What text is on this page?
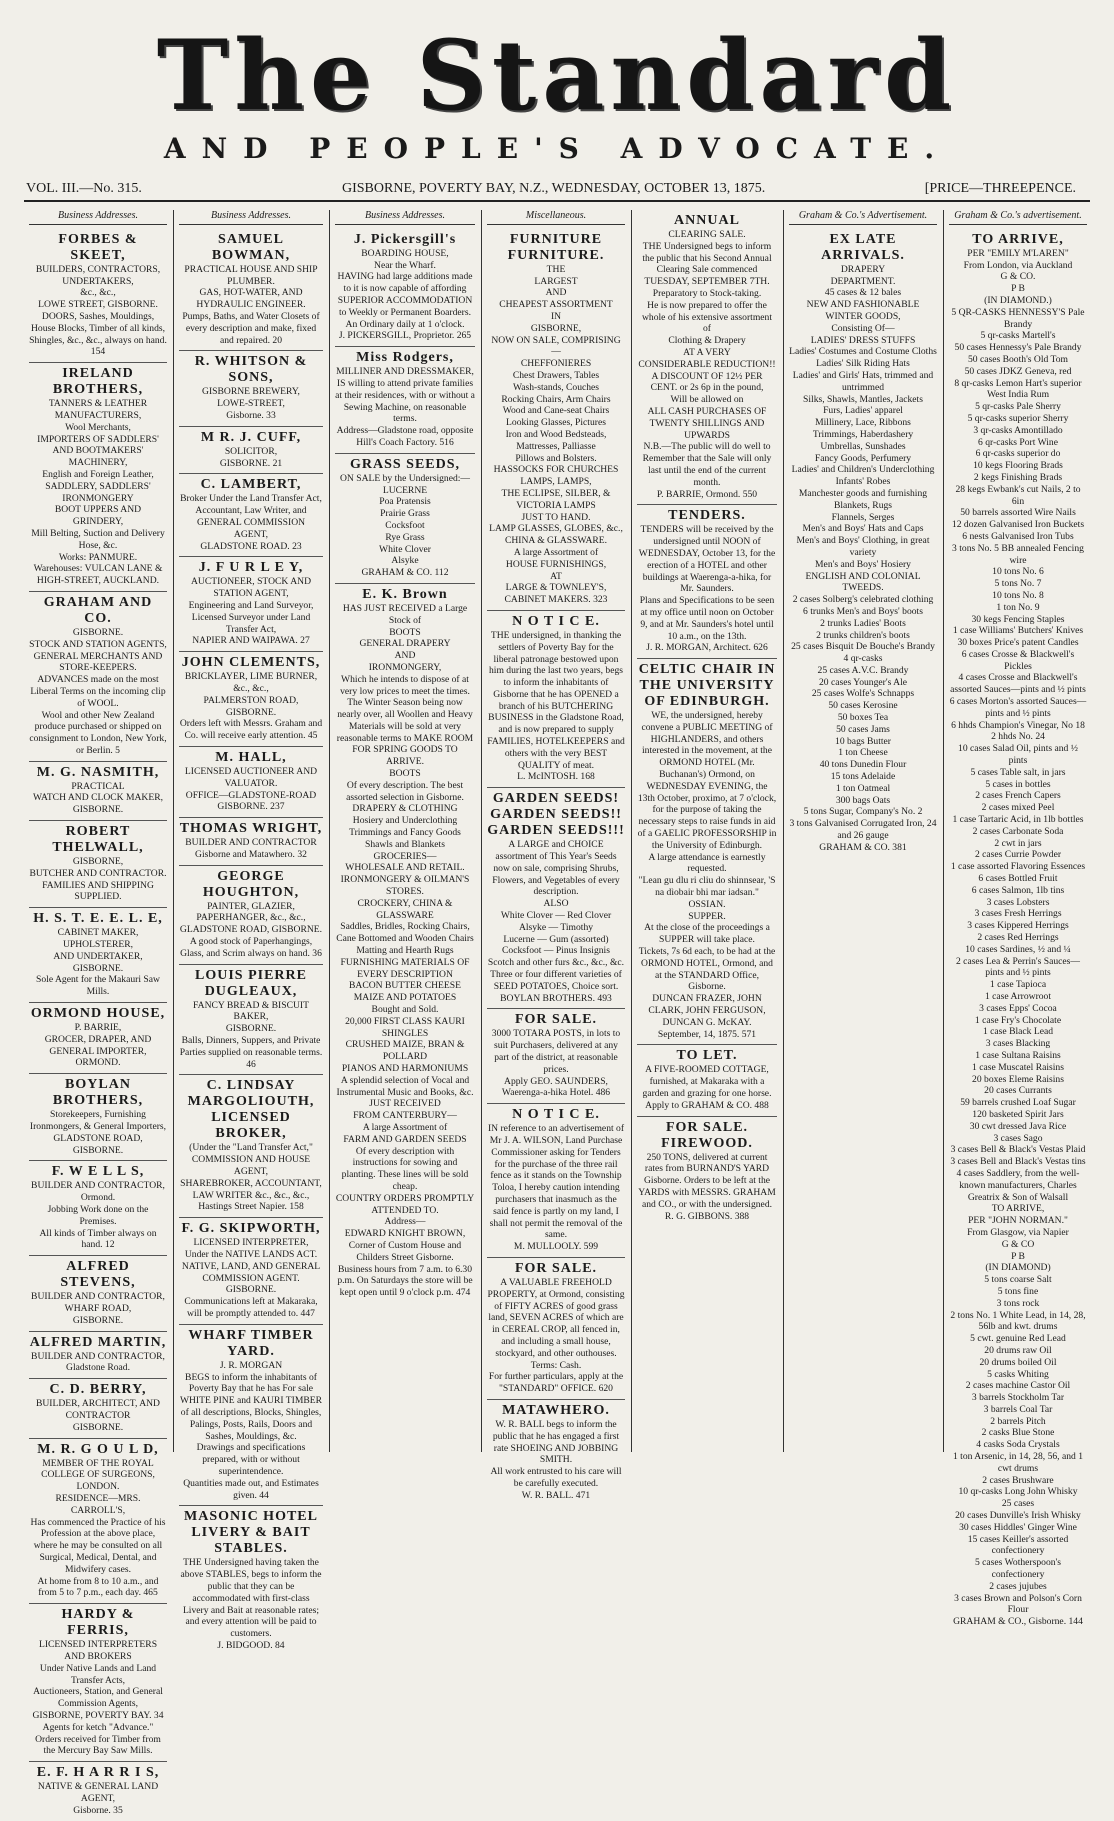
The Standard
AND PEOPLE'S ADVOCATE.
VOL. III.—No. 315.	GISBORNE, POVERTY BAY, N.Z., WEDNESDAY, OCTOBER 13, 1875.	[PRICE—THREEPENCE.
Business Addresses.
FORBES & SKEET,
BUILDERS, CONTRACTORS, UNDERTAKERS,
&c., &c.,
LOWE STREET, GISBORNE.
DOORS, Sashes, Mouldings, House Blocks, Timber of all kinds, Shingles, &c., &c., always on hand. 154
IRELAND BROTHERS,
TANNERS & LEATHER MANUFACTURERS,
Wool Merchants,
IMPORTERS OF SADDLERS' AND BOOTMAKERS' MACHINERY,
English and Foreign Leather,
SADDLERY, SADDLERS' IRONMONGERY
BOOT UPPERS AND GRINDERY,
Mill Belting, Suction and Delivery Hose, &c.
Works: PANMURE.
Warehouses: VULCAN LANE & HIGH-STREET, AUCKLAND.
GRAHAM AND CO.
GISBORNE.
STOCK AND STATION AGENTS,
GENERAL MERCHANTS AND STORE-KEEPERS.
ADVANCES made on the most Liberal Terms on the incoming clip of WOOL.
Wool and other New Zealand produce purchased or shipped on consignment to London, New York, or Berlin. 5
M. G. NASMITH,
PRACTICAL
WATCH AND CLOCK MAKER,
GISBORNE.
ROBERT THELWALL,
GISBORNE,
BUTCHER AND CONTRACTOR.
FAMILIES AND SHIPPING SUPPLIED.
H. S. T. E. E. L. E,
CABINET MAKER, UPHOLSTERER,
AND UNDERTAKER, GISBORNE.
Sole Agent for the Makauri Saw Mills.
ORMOND HOUSE,
P. BARRIE,
GROCER, DRAPER, AND GENERAL IMPORTER,
ORMOND.
BOYLAN BROTHERS,
Storekeepers, Furnishing Ironmongers, & General Importers,
GLADSTONE ROAD, GISBORNE.
F. W E L L S,
BUILDER AND CONTRACTOR,
Ormond.
Jobbing Work done on the Premises.
All kinds of Timber always on hand. 12
ALFRED STEVENS,
BUILDER AND CONTRACTOR,
WHARF ROAD,
GISBORNE.
ALFRED MARTIN,
BUILDER AND CONTRACTOR,
Gladstone Road.
C. D. BERRY,
BUILDER, ARCHITECT, AND CONTRACTOR
GISBORNE.
M. R. G O U L D,
MEMBER OF THE ROYAL COLLEGE OF SURGEONS, LONDON.
RESIDENCE—MRS. CARROLL'S,
Has commenced the Practice of his Profession at the above place, where he may be consulted on all Surgical, Medical, Dental, and Midwifery cases.
At home from 8 to 10 a.m., and from 5 to 7 p.m., each day. 465
HARDY & FERRIS,
LICENSED INTERPRETERS AND BROKERS
Under Native Lands and Land Transfer Acts,
Auctioneers, Station, and General Commission Agents,
GISBORNE, POVERTY BAY. 34
Agents for ketch "Advance." Orders received for Timber from the Mercury Bay Saw Mills.
E. F. H A R R I S,
NATIVE & GENERAL LAND AGENT,
Gisborne. 35
Business Addresses.
SAMUEL BOWMAN,
PRACTICAL HOUSE AND SHIP PLUMBER.
GAS, HOT-WATER, AND HYDRAULIC ENGINEER.
Pumps, Baths, and Water Closets of every description and make, fixed and repaired. 20
R. WHITSON & SONS,
GISBORNE BREWERY,
LOWE-STREET,
Gisborne. 33
M R. J. CUFF,
SOLICITOR,
GISBORNE. 21
C. LAMBERT,
Broker Under the Land Transfer Act,
Accountant, Law Writer, and
GENERAL COMMISSION AGENT,
GLADSTONE ROAD. 23
J. F U R L E Y,
AUCTIONEER, STOCK AND STATION AGENT,
Engineering and Land Surveyor,
Licensed Surveyor under Land Transfer Act,
NAPIER AND WAIPAWA. 27
JOHN CLEMENTS,
BRICKLAYER, LIME BURNER, &c., &c.,
PALMERSTON ROAD,
GISBORNE.
Orders left with Messrs. Graham and Co. will receive early attention. 45
M. HALL,
LICENSED AUCTIONEER AND VALUATOR.
OFFICE—GLADSTONE-ROAD GISBORNE. 237
THOMAS WRIGHT,
BUILDER AND CONTRACTOR
Gisborne and Matawhero. 32
GEORGE HOUGHTON,
PAINTER, GLAZIER, PAPERHANGER, &c., &c.,
GLADSTONE ROAD, GISBORNE.
A good stock of Paperhangings, Glass, and Scrim always on hand. 36
LOUIS PIERRE DUGLEAUX,
FANCY BREAD & BISCUIT BAKER,
GISBORNE.
Balls, Dinners, Suppers, and Private Parties supplied on reasonable terms. 46
C. LINDSAY MARGOLIOUTH, LICENSED BROKER,
(Under the "Land Transfer Act," COMMISSION AND HOUSE AGENT,
SHAREBROKER, ACCOUNTANT, LAW WRITER &c., &c., &c.,
Hastings Street Napier. 158
F. G. SKIPWORTH,
LICENSED INTERPRETER,
Under the NATIVE LANDS ACT.
NATIVE, LAND, AND GENERAL COMMISSION AGENT.
GISBORNE.
Communications left at Makaraka, will be promptly attended to. 447
WHARF TIMBER YARD.
J. R. MORGAN
BEGS to inform the inhabitants of Poverty Bay that he has For sale WHITE PINE and KAURI TIMBER of all descriptions, Blocks, Shingles, Palings, Posts, Rails, Doors and Sashes, Mouldings, &c.
Drawings and specifications prepared, with or without superintendence.
Quantities made out, and Estimates given. 44
MASONIC HOTEL LIVERY & BAIT STABLES.
THE Undersigned having taken the above STABLES, begs to inform the public that they can be accommodated with first-class Livery and Bait at reasonable rates; and every attention will be paid to customers.
J. BIDGOOD. 84
Business Addresses.
J. Pickersgill's
BOARDING HOUSE,
Near the Wharf.
HAVING had large additions made to it is now capable of affording SUPERIOR ACCOMMODATION to Weekly or Permanent Boarders.
An Ordinary daily at 1 o'clock.
J. PICKERSGILL, Proprietor. 265
Miss Rodgers,
MILLINER AND DRESSMAKER,
IS willing to attend private families at their residences, with or without a Sewing Machine, on reasonable terms.
Address—Gladstone road, opposite Hill's Coach Factory. 516
GRASS SEEDS,
ON SALE by the Undersigned:—
LUCERNE
Poa Pratensis
Prairie Grass
Cocksfoot
Rye Grass
White Clover
Alsyke
GRAHAM & CO. 112
E. K. Brown
HAS JUST RECEIVED a Large Stock of
BOOTS
GENERAL DRAPERY
AND
IRONMONGERY,
Which he intends to dispose of at very low prices to meet the times.
The Winter Season being now nearly over, all Woollen and Heavy Materials will be sold at very reasonable terms to MAKE ROOM FOR SPRING GOODS TO ARRIVE.
BOOTS
Of every description. The best assorted selection in Gisborne.
DRAPERY & CLOTHING
Hosiery and Underclothing
Trimmings and Fancy Goods
Shawls and Blankets
GROCERIES—
WHOLESALE AND RETAIL.
IRONMONGERY & OILMAN'S STORES.
CROCKERY, CHINA & GLASSWARE
Saddles, Bridles, Rocking Chairs, Cane Bottomed and Wooden Chairs
Matting and Hearth Rugs
FURNISHING MATERIALS OF EVERY DESCRIPTION
BACON BUTTER CHEESE MAIZE AND POTATOES
Bought and Sold.
20,000 FIRST CLASS KAURI SHINGLES
CRUSHED MAIZE, BRAN & POLLARD
PIANOS AND HARMONIUMS
A splendid selection of Vocal and Instrumental Music and Books, &c.
JUST RECEIVED
FROM CANTERBURY—
A large Assortment of
FARM AND GARDEN SEEDS
Of every description with instructions for sowing and planting. These lines will be sold cheap.
COUNTRY ORDERS PROMPTLY ATTENDED TO.
Address—
EDWARD KNIGHT BROWN,
Corner of Custom House and Childers Street Gisborne.
Business hours from 7 a.m. to 6.30 p.m. On Saturdays the store will be kept open until 9 o'clock p.m. 474
Miscellaneous.
FURNITURE FURNITURE.
THE
LARGEST
AND
CHEAPEST ASSORTMENT
IN
GISBORNE,
NOW ON SALE, COMPRISING—
CHEFFONIERES
Chest Drawers, Tables
Wash-stands, Couches
Rocking Chairs, Arm Chairs
Wood and Cane-seat Chairs
Looking Glasses, Pictures
Iron and Wood Bedsteads,
Mattresses, Palliasse
Pillows and Bolsters.
HASSOCKS FOR CHURCHES
LAMPS, LAMPS,
THE ECLIPSE, SILBER, & VICTORIA LAMPS
JUST TO HAND.
LAMP GLASSES, GLOBES, &c.,
CHINA & GLASSWARE.
A large Assortment of
HOUSE FURNISHINGS,
AT
LARGE & TOWNLEY'S,
CABINET MAKERS. 323
N O T I C E.
THE undersigned, in thanking the settlers of Poverty Bay for the liberal patronage bestowed upon him during the last two years, begs to inform the inhabitants of Gisborne that he has OPENED a branch of his BUTCHERING BUSINESS in the Gladstone Road, and is now prepared to supply FAMILIES, HOTELKEEPERS and others with the very BEST QUALITY of meat.
L. McINTOSH. 168
GARDEN SEEDS! GARDEN SEEDS!! GARDEN SEEDS!!!
A LARGE and CHOICE assortment of This Year's Seeds now on sale, comprising Shrubs, Flowers, and Vegetables of every description.
ALSO
White Clover — Red Clover
Alsyke — Timothy
Lucerne — Gum (assorted)
Cocksfoot — Pinus Insignis
Scotch and other furs &c., &c., &c.
Three or four different varieties of SEED POTATOES, Choice sort.
BOYLAN BROTHERS. 493
FOR SALE.
3000 TOTARA POSTS, in lots to suit Purchasers, delivered at any part of the district, at reasonable prices.
Apply GEO. SAUNDERS, Waerenga-a-hika Hotel. 486
N O T I C E.
IN reference to an advertisement of Mr J. A. WILSON, Land Purchase Commissioner asking for Tenders for the purchase of the three rail fence as it stands on the Township Toloa, I hereby caution intending purchasers that inasmuch as the said fence is partly on my land, I shall not permit the removal of the same.
M. MULLOOLY. 599
FOR SALE.
A VALUABLE FREEHOLD PROPERTY, at Ormond, consisting of FIFTY ACRES of good grass land, SEVEN ACRES of which are in CEREAL CROP, all fenced in, and including a small house, stockyard, and other outhouses.
Terms: Cash.
For further particulars, apply at the "STANDARD" OFFICE. 620
MATAWHERO.
W. R. BALL begs to inform the public that he has engaged a first rate SHOEING AND JOBBING SMITH.
All work entrusted to his care will be carefully executed.
W. R. BALL. 471
ANNUAL
CLEARING SALE.
THE Undersigned begs to inform the public that his Second Annual Clearing Sale commenced
TUESDAY, SEPTEMBER 7TH.
Preparatory to Stock-taking.
He is now prepared to offer the whole of his extensive assortment of
Clothing & Drapery
AT A VERY
CONSIDERABLE REDUCTION!!
A DISCOUNT OF 12½ PER CENT. or 2s 6p in the pound,
Will be allowed on
ALL CASH PURCHASES OF
TWENTY SHILLINGS AND UPWARDS
N.B.—The public will do well to Remember that the Sale will only last until the end of the current month.
P. BARRIE, Ormond. 550
TENDERS.
TENDERS will be received by the undersigned until NOON of WEDNESDAY, October 13, for the erection of a HOTEL and other buildings at Waerenga-a-hika, for Mr. Saunders.
Plans and Specifications to be seen at my office until noon on October 9, and at Mr. Saunders's hotel until 10 a.m., on the 13th.
J. R. MORGAN, Architect. 626
CELTIC CHAIR IN THE UNIVERSITY OF EDINBURGH.
WE, the undersigned, hereby convene a PUBLIC MEETING of HIGHLANDERS, and others interested in the movement, at the ORMOND HOTEL (Mr. Buchanan's) Ormond, on WEDNESDAY EVENING, the 13th October, proximo, at 7 o'clock, for the purpose of taking the necessary steps to raise funds in aid of a GAELIC PROFESSORSHIP in the University of Edinburgh.
A large attendance is earnestly requested.
"Lean gu dlu ri cliu do shinnsear, 'S na dìobair bhi mar iadsan." OSSIAN.
SUPPER.
At the close of the proceedings a SUPPER will take place.
Tickets, 7s 6d each, to be had at the ORMOND HOTEL, Ormond, and at the STANDARD Office, Gisborne.
DUNCAN FRAZER, JOHN CLARK, JOHN FERGUSON, DUNCAN G. McKAY.
September, 14, 1875. 571
TO LET.
A FIVE-ROOMED COTTAGE, furnished, at Makaraka with a garden and grazing for one horse.
Apply to GRAHAM & CO. 488
FOR SALE. FIREWOOD.
250 TONS, delivered at current rates from BURNAND'S YARD Gisborne. Orders to be left at the YARDS with MESSRS. GRAHAM and CO., or with the undersigned.
R. G. GIBBONS. 388
Graham & Co.'s Advertisement.
EX LATE ARRIVALS.
DRAPERY
DEPARTMENT.
45 cases & 12 bales
NEW AND FASHIONABLE
WINTER GOODS,
Consisting Of—
LADIES' DRESS STUFFS
Ladies' Costumes and Costume Cloths
Ladies' Silk Riding Hats
Ladies' and Girls' Hats, trimmed and untrimmed
Silks, Shawls, Mantles, Jackets
Furs, Ladies' apparel
Millinery, Lace, Ribbons
Trimmings, Haberdashery
Umbrellas, Sunshades
Fancy Goods, Perfumery
Ladies' and Children's Underclothing
Infants' Robes
Manchester goods and furnishing
Blankets, Rugs
Flannels, Serges
Men's and Boys' Hats and Caps
Men's and Boys' Clothing, in great variety
Men's and Boys' Hosiery
ENGLISH AND COLONIAL
TWEEDS.
2 cases Solberg's celebrated clothing
6 trunks Men's and Boys' boots
2 trunks Ladies' Boots
2 trunks children's boots
25 cases Bisquit De Bouche's Brandy
4 qr-casks
25 cases A.V.C. Brandy
20 cases Younger's Ale
25 cases Wolfe's Schnapps
50 cases Kerosine
50 boxes Tea
50 cases Jams
10 bags Butter
1 ton Cheese
40 tons Dunedin Flour
15 tons Adelaide
1 ton Oatmeal
300 bags Oats
5 tons Sugar, Company's No. 2
3 tons Galvanised Corrugated Iron, 24 and 26 gauge
GRAHAM & CO. 381
Graham & Co.'s advertisement.
TO ARRIVE,
PER "EMILY M'LAREN"
From London, via Auckland
G & CO.
P B
(IN DIAMOND.)
5 QR-CASKS HENNESSY'S Pale Brandy
5 qr-casks Martell's
50 cases Hennessy's Pale Brandy
50 cases Booth's Old Tom
50 cases JDKZ Geneva, red
8 qr-casks Lemon Hart's superior West India Rum
5 qr-casks Pale Sherry
5 qr-casks superior Sherry
3 qr-casks Amontillado
6 qr-casks Port Wine
6 qr-casks superior do
10 kegs Flooring Brads
2 kegs Finishing Brads
28 kegs Ewbank's cut Nails, 2 to 6in
50 barrels assorted Wire Nails
12 dozen Galvanised Iron Buckets
6 nests Galvanised Iron Tubs
3 tons No. 5 BB annealed Fencing wire
10 tons No. 6
5 tons No. 7
10 tons No. 8
1 ton No. 9
30 kegs Fencing Staples
1 case Williams' Butchers' Knives
30 boxes Price's patent Candles
6 cases Crosse & Blackwell's Pickles
4 cases Crosse and Blackwell's assorted Sauces—pints and ½ pints
6 cases Morton's assorted Sauces—pints and ½ pints
6 hhds Champion's Vinegar, No 18
2 hhds No. 24
10 cases Salad Oil, pints and ½ pints
5 cases Table salt, in jars
5 cases in bottles
2 cases French Capers
2 cases mixed Peel
1 case Tartaric Acid, in 1lb bottles
2 cases Carbonate Soda
2 cwt in jars
2 cases Currie Powder
1 case assorted Flavoring Essences
6 cases Bottled Fruit
6 cases Salmon, 1lb tins
3 cases Lobsters
3 cases Fresh Herrings
3 cases Kippered Herrings
2 cases Red Herrings
10 cases Sardines, ½ and ¼
2 cases Lea & Perrin's Sauces—pints and ½ pints
1 case Tapioca
1 case Arrowroot
3 cases Epps' Cocoa
1 case Fry's Chocolate
1 case Black Lead
3 cases Blacking
1 case Sultana Raisins
1 case Muscatel Raisins
20 boxes Eleme Raisins
20 cases Currants
59 barrels crushed Loaf Sugar
120 basketed Spirit Jars
30 cwt dressed Java Rice
3 cases Sago
3 cases Bell & Black's Vestas Plaid
3 cases Bell and Black's Vestas tins
4 cases Saddlery, from the well-known manufacturers, Charles Greatrix & Son of Walsall
TO ARRIVE,
PER "JOHN NORMAN."
From Glasgow, via Napier
G & CO
P B
(IN DIAMOND)
5 tons coarse Salt
5 tons fine
3 tons rock
2 tons No. 1 White Lead, in 14, 28, 56lb and kwt. drums
5 cwt. genuine Red Lead
20 drums raw Oil
20 drums boiled Oil
5 casks Whiting
2 cases machine Castor Oil
3 barrels Stockholm Tar
3 barrels Coal Tar
2 barrels Pitch
2 casks Blue Stone
4 casks Soda Crystals
1 ton Arsenic, in 14, 28, 56, and 1 cwt drums
2 cases Brushware
10 qr-casks Long John Whisky
25 cases
20 cases Dunville's Irish Whisky
30 cases Hiddles' Ginger Wine
15 cases Keiller's assorted confectionery
5 cases Wotherspoon's confectionery
2 cases jujubes
3 cases Brown and Polson's Corn Flour
GRAHAM & CO., Gisborne. 144
